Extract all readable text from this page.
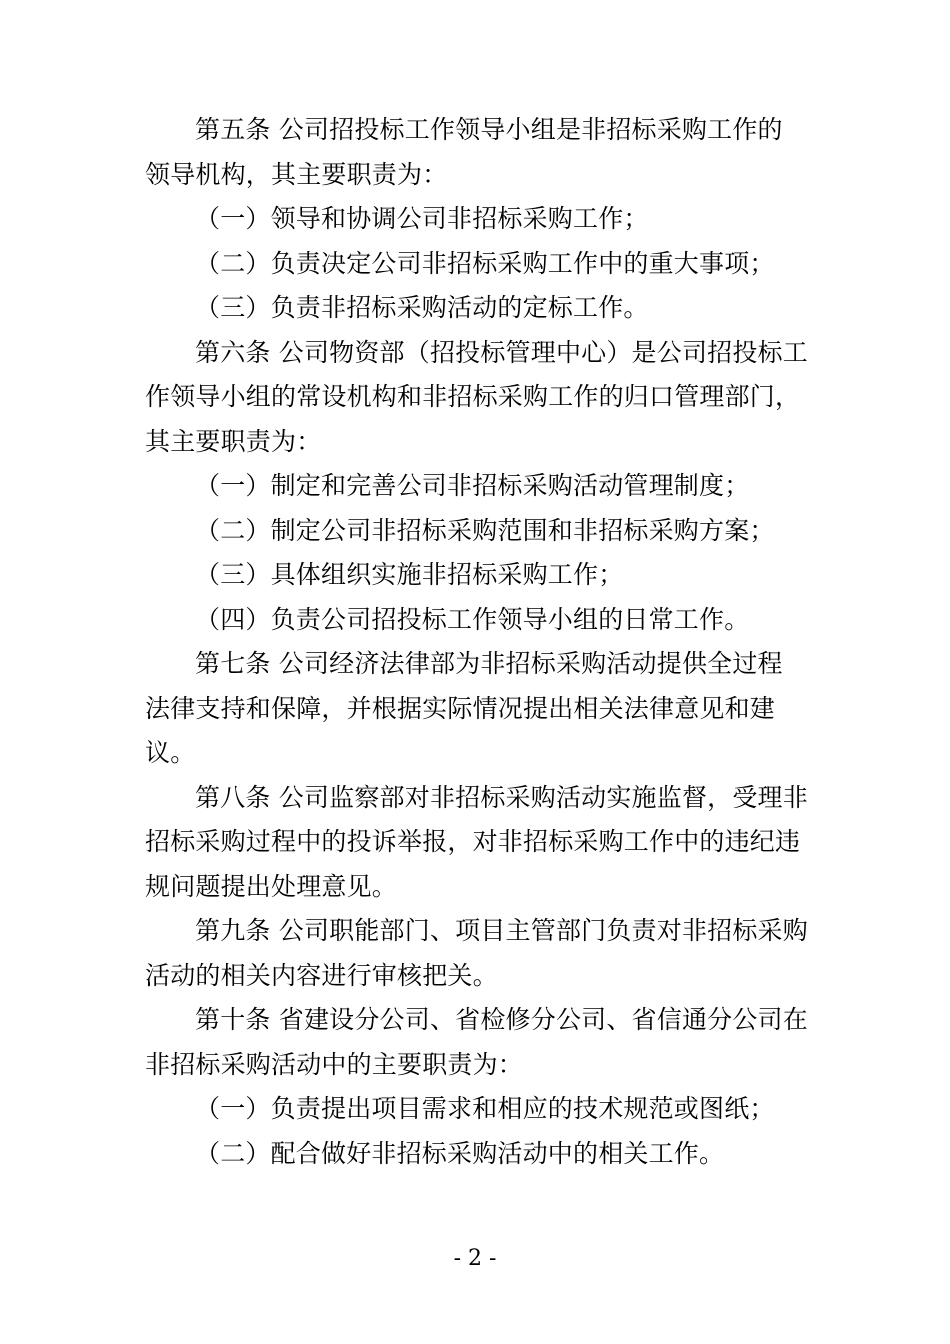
第五条 公司招投标工作领导小组是非招标采购工作的
领导机构，其主要职责为：
（一）领导和协调公司非招标采购工作；
（二）负责决定公司非招标采购工作中的重大事项；
（三）负责非招标采购活动的定标工作。
第六条 公司物资部（招投标管理中心）是公司招投标工
作领导小组的常设机构和非招标采购工作的归口管理部门，
其主要职责为：
（一）制定和完善公司非招标采购活动管理制度；
（二）制定公司非招标采购范围和非招标采购方案；
（三）具体组织实施非招标采购工作；
（四）负责公司招投标工作领导小组的日常工作。
第七条 公司经济法律部为非招标采购活动提供全过程
法律支持和保障，并根据实际情况提出相关法律意见和建
议。
第八条 公司监察部对非招标采购活动实施监督，受理非
招标采购过程中的投诉举报，对非招标采购工作中的违纪违
规问题提出处理意见。
第九条 公司职能部门、项目主管部门负责对非招标采购
活动的相关内容进行审核把关。
第十条 省建设分公司、省检修分公司、省信通分公司在
非招标采购活动中的主要职责为：
（一）负责提出项目需求和相应的技术规范或图纸；
（二）配合做好非招标采购活动中的相关工作。
- 2 -
